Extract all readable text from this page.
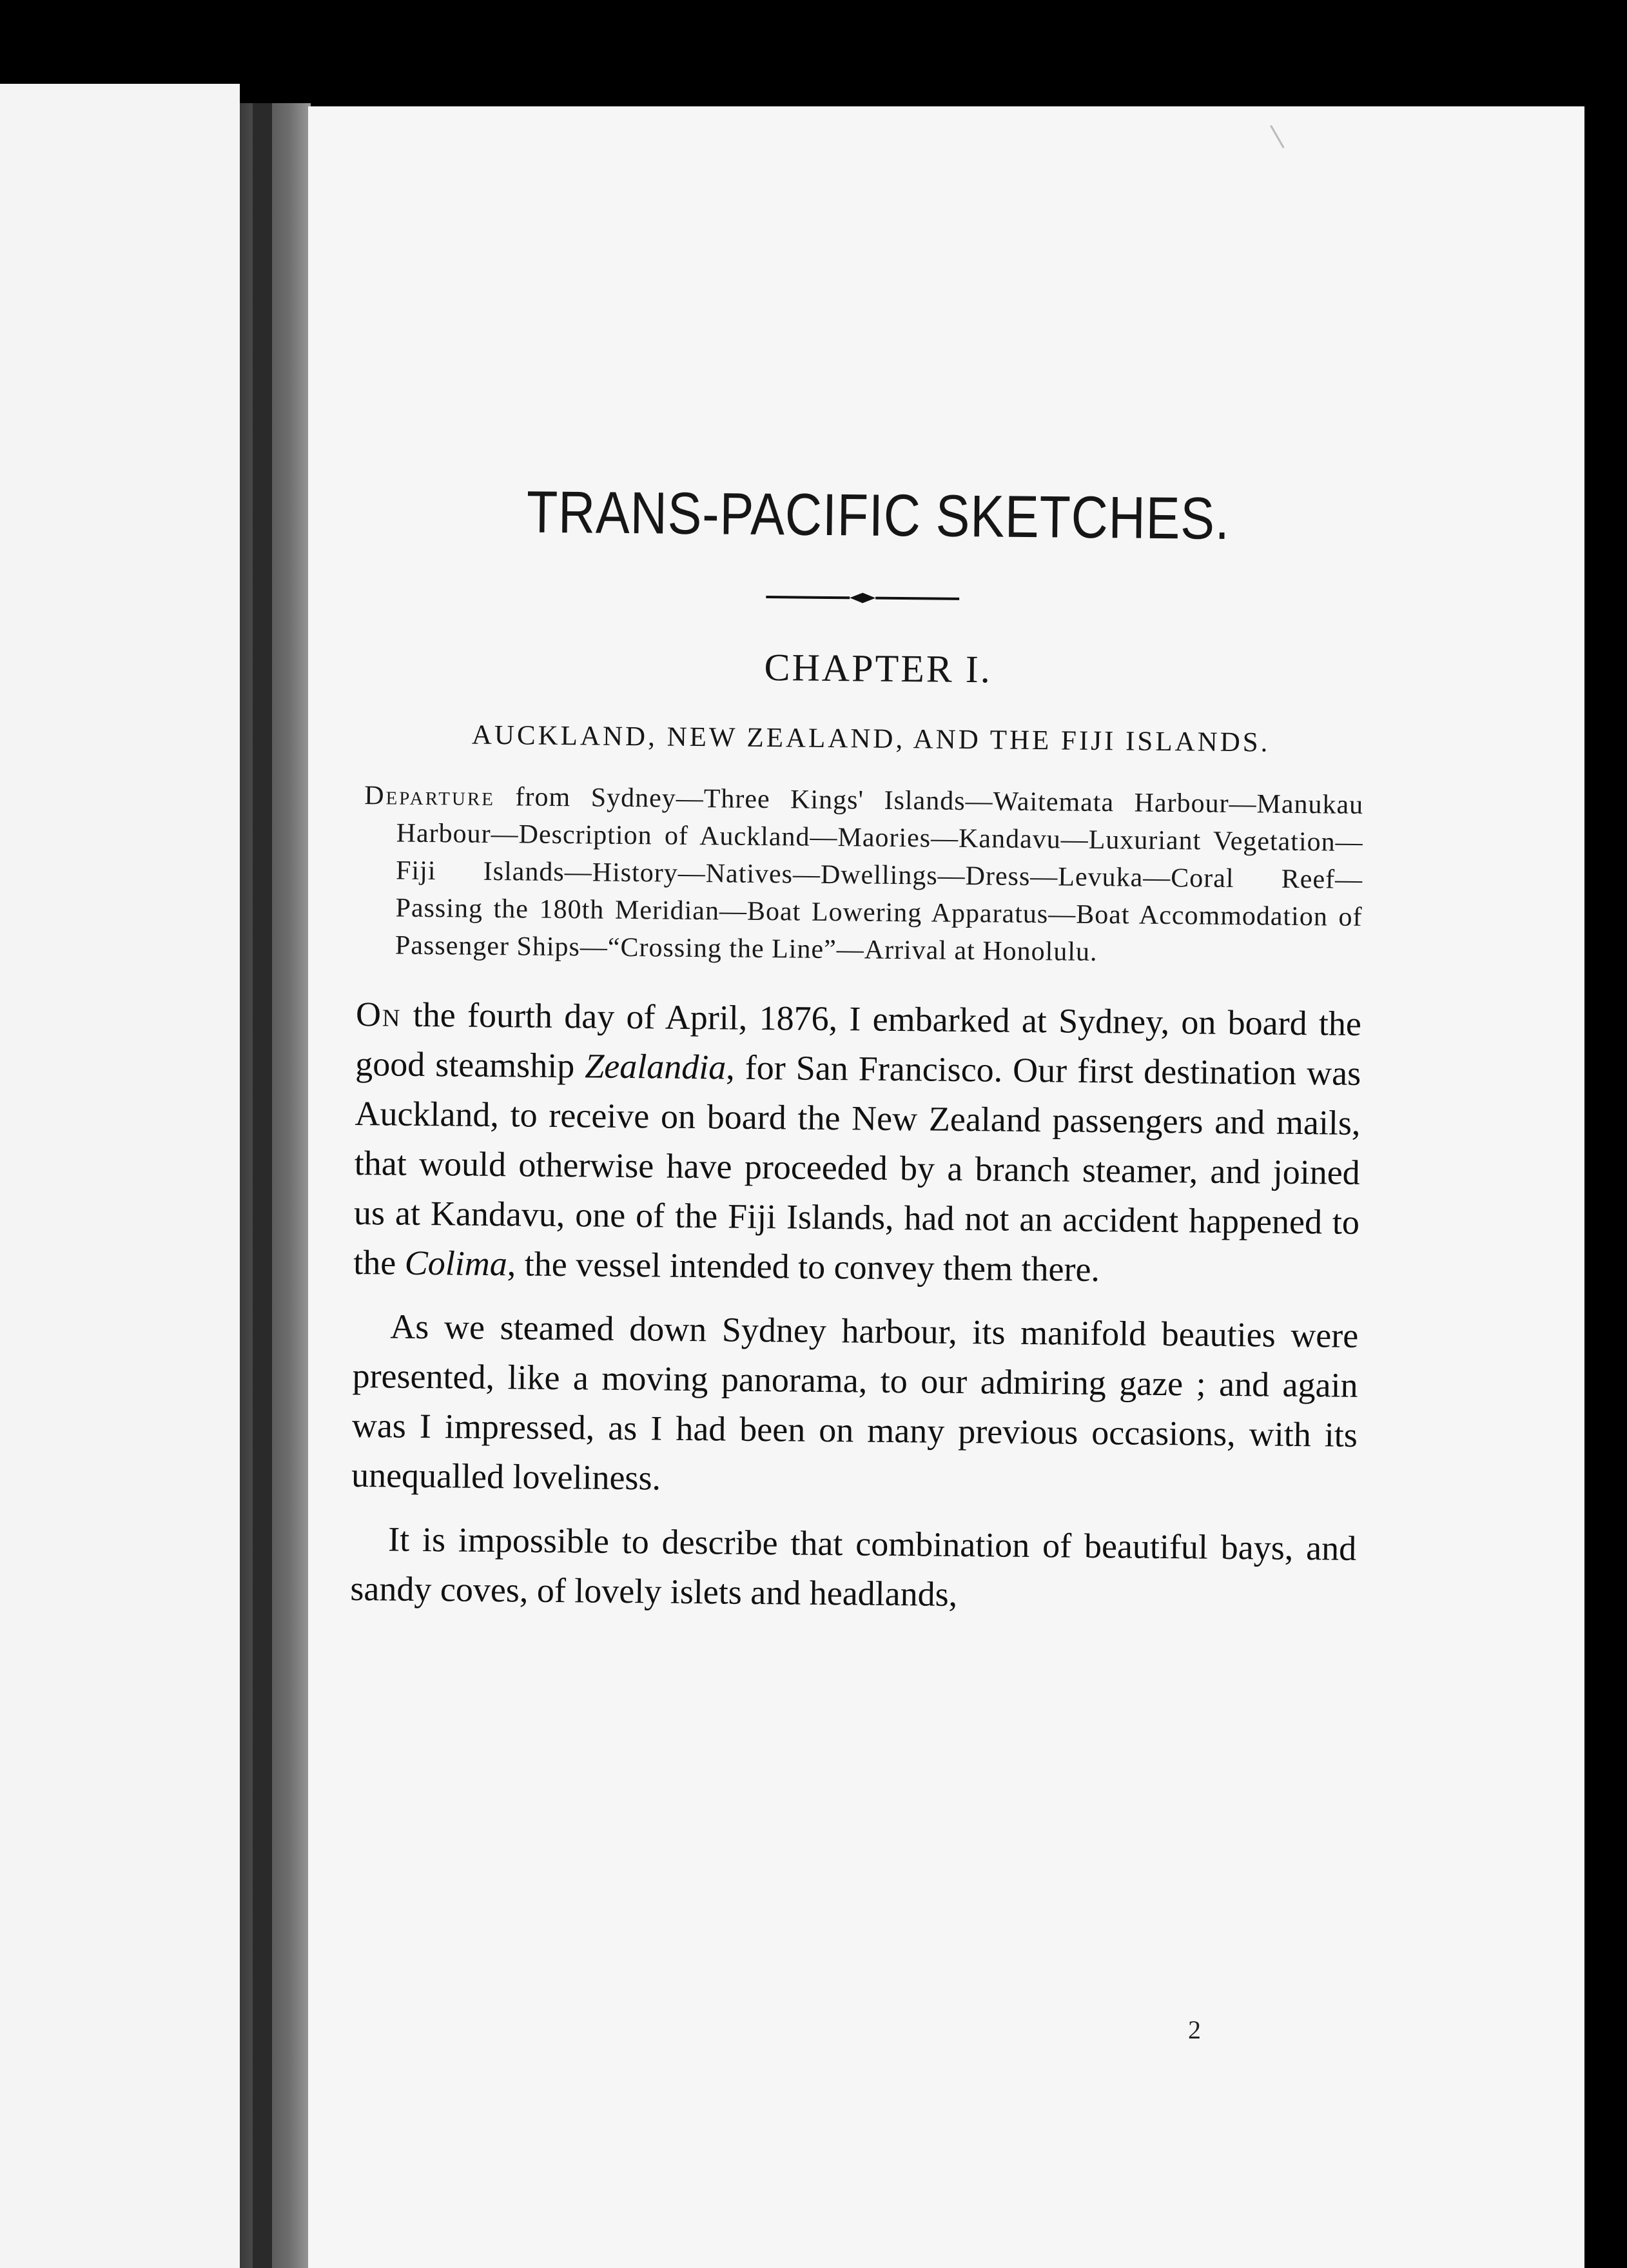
TRANS-PACIFIC SKETCHES.
CHAPTER I.
AUCKLAND, NEW ZEALAND, AND THE FIJI ISLANDS.

Departure from Sydney—Three Kings' Islands—Waitemata Harbour—Manukau Harbour—Description of Auckland—Maories—Kandavu—Luxuriant Vegetation—Fiji Islands—History—Natives—Dwellings—Dress—Levuka—Coral Reef—Passing the 180th Meridian—Boat Lowering Apparatus—Boat Accommodation of Passenger Ships—“Crossing the Line”—Arrival at Honolulu.

On the fourth day of April, 1876, I embarked at Sydney, on board the good steamship Zealandia, for San Francisco. Our first destination was Auckland, to receive on board the New Zealand passengers and mails, that would otherwise have proceeded by a branch steamer, and joined us at Kandavu, one of the Fiji Islands, had not an accident happened to the Colima, the vessel intended to convey them there.

As we steamed down Sydney harbour, its manifold beauties were presented, like a moving panorama, to our admiring gaze ; and again was I impressed, as I had been on many previous occasions, with its unequalled loveliness.

It is impossible to describe that combination of beautiful bays, and sandy coves, of lovely islets and headlands,

2
